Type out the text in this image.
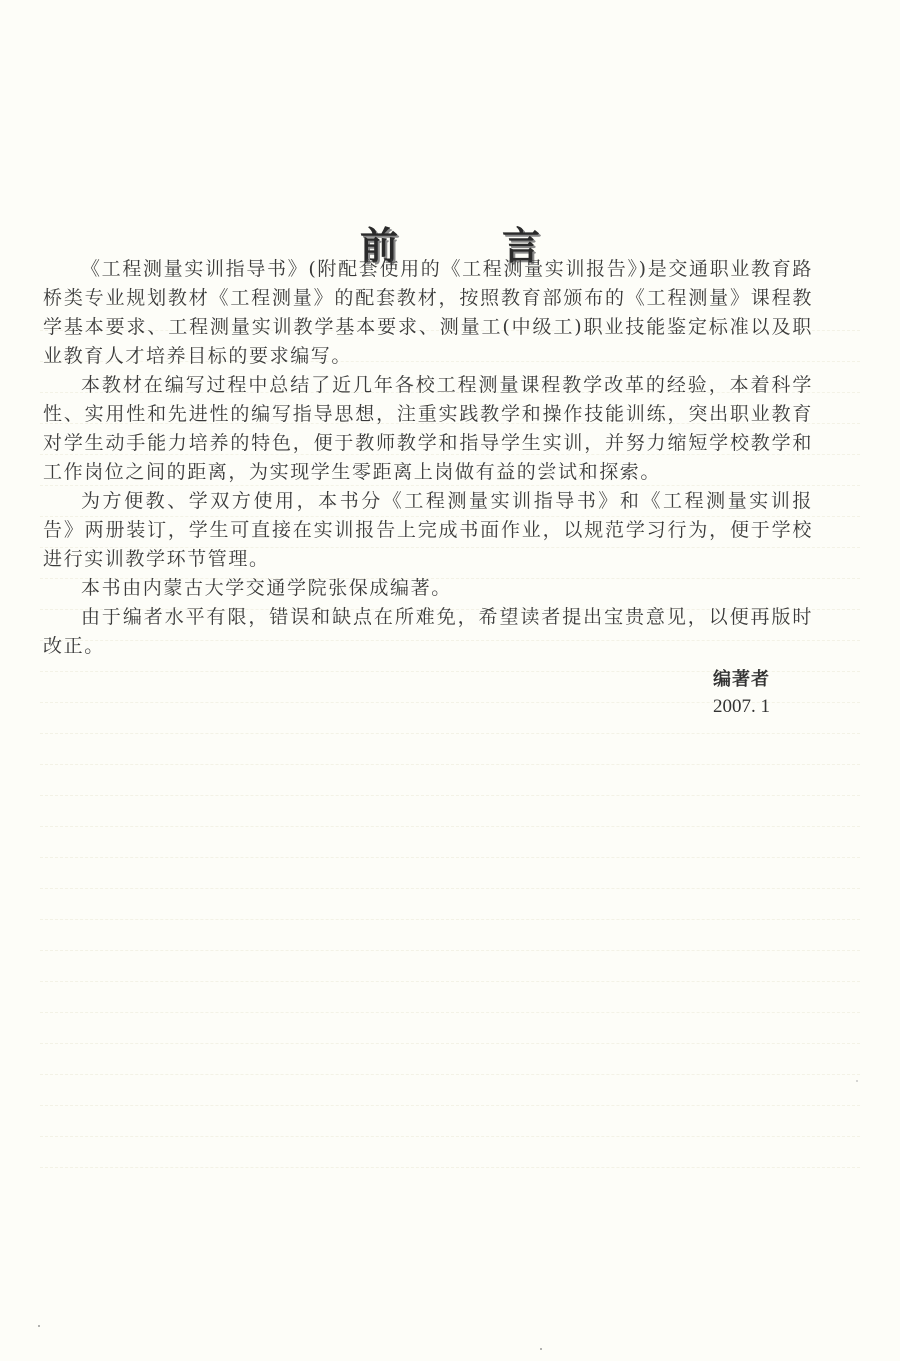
前	言

《工程测量实训指导书》(附配套使用的《工程测量实训报告》)是交通职业教育路桥类专业规划教材《工程测量》的配套教材，按照教育部颁布的《工程测量》课程教学基本要求、工程测量实训教学基本要求、测量工(中级工)职业技能鉴定标准以及职业教育人才培养目标的要求编写。

本教材在编写过程中总结了近几年各校工程测量课程教学改革的经验，本着科学性、实用性和先进性的编写指导思想，注重实践教学和操作技能训练，突出职业教育对学生动手能力培养的特色，便于教师教学和指导学生实训，并努力缩短学校教学和工作岗位之间的距离，为实现学生零距离上岗做有益的尝试和探索。

为方便教、学双方使用，本书分《工程测量实训指导书》和《工程测量实训报告》两册装订，学生可直接在实训报告上完成书面作业，以规范学习行为，便于学校进行实训教学环节管理。

本书由内蒙古大学交通学院张保成编著。

由于编者水平有限，错误和缺点在所难免，希望读者提出宝贵意见，以便再版时改正。

编著者
2007. 1
